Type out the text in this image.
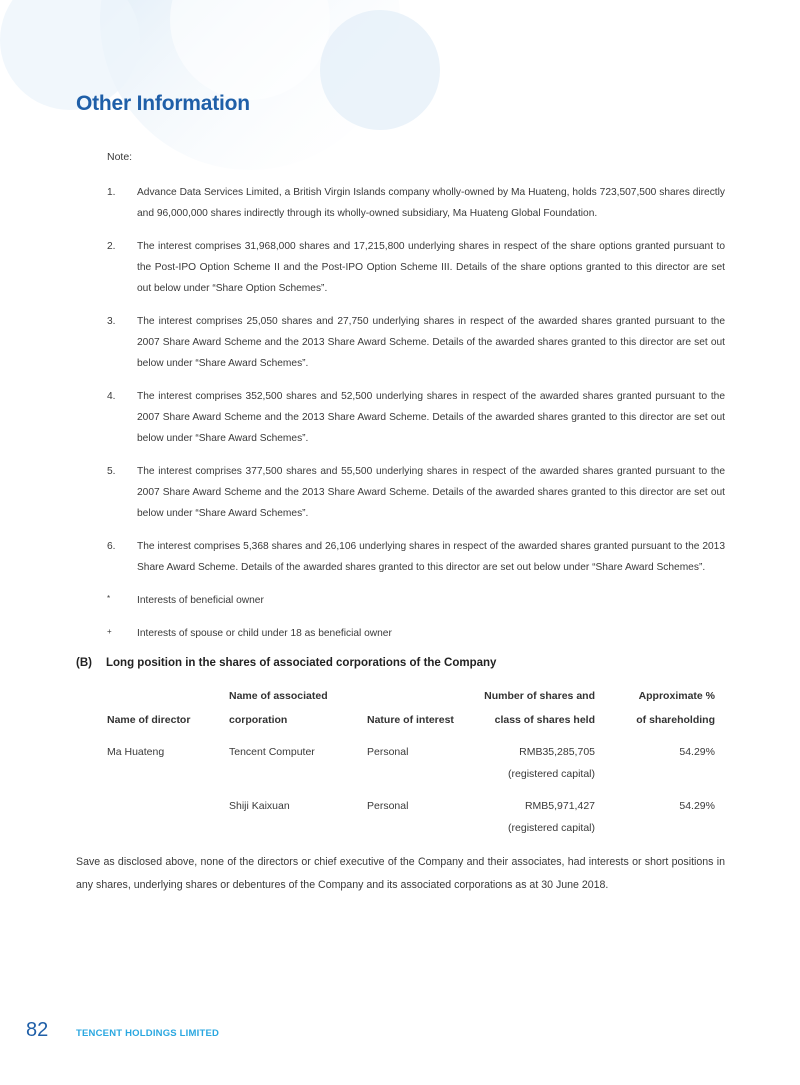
Other Information
Note:
1.	Advance Data Services Limited, a British Virgin Islands company wholly-owned by Ma Huateng, holds 723,507,500 shares directly and 96,000,000 shares indirectly through its wholly-owned subsidiary, Ma Huateng Global Foundation.
2.	The interest comprises 31,968,000 shares and 17,215,800 underlying shares in respect of the share options granted pursuant to the Post-IPO Option Scheme II and the Post-IPO Option Scheme III. Details of the share options granted to this director are set out below under “Share Option Schemes”.
3.	The interest comprises 25,050 shares and 27,750 underlying shares in respect of the awarded shares granted pursuant to the 2007 Share Award Scheme and the 2013 Share Award Scheme. Details of the awarded shares granted to this director are set out below under “Share Award Schemes”.
4.	The interest comprises 352,500 shares and 52,500 underlying shares in respect of the awarded shares granted pursuant to the 2007 Share Award Scheme and the 2013 Share Award Scheme. Details of the awarded shares granted to this director are set out below under “Share Award Schemes”.
5.	The interest comprises 377,500 shares and 55,500 underlying shares in respect of the awarded shares granted pursuant to the 2007 Share Award Scheme and the 2013 Share Award Scheme. Details of the awarded shares granted to this director are set out below under “Share Award Schemes”.
6.	The interest comprises 5,368 shares and 26,106 underlying shares in respect of the awarded shares granted pursuant to the 2013 Share Award Scheme. Details of the awarded shares granted to this director are set out below under “Share Award Schemes”.
*	Interests of beneficial owner
+	Interests of spouse or child under 18 as beneficial owner
(B)	Long position in the shares of associated corporations of the Company
	Name of associated		Number of shares and	Approximate %
Name of director	corporation	Nature of interest	class of shares held	of shareholding

Ma Huateng	Tencent Computer	Personal	RMB35,285,705
(registered capital)	54.29%

	Shiji Kaixuan	Personal	RMB5,971,427
(registered capital)	54.29%
Save as disclosed above, none of the directors or chief executive of the Company and their associates, had interests or short positions in any shares, underlying shares or debentures of the Company and its associated corporations as at 30 June 2018.
82	TENCENT HOLDINGS LIMITED
